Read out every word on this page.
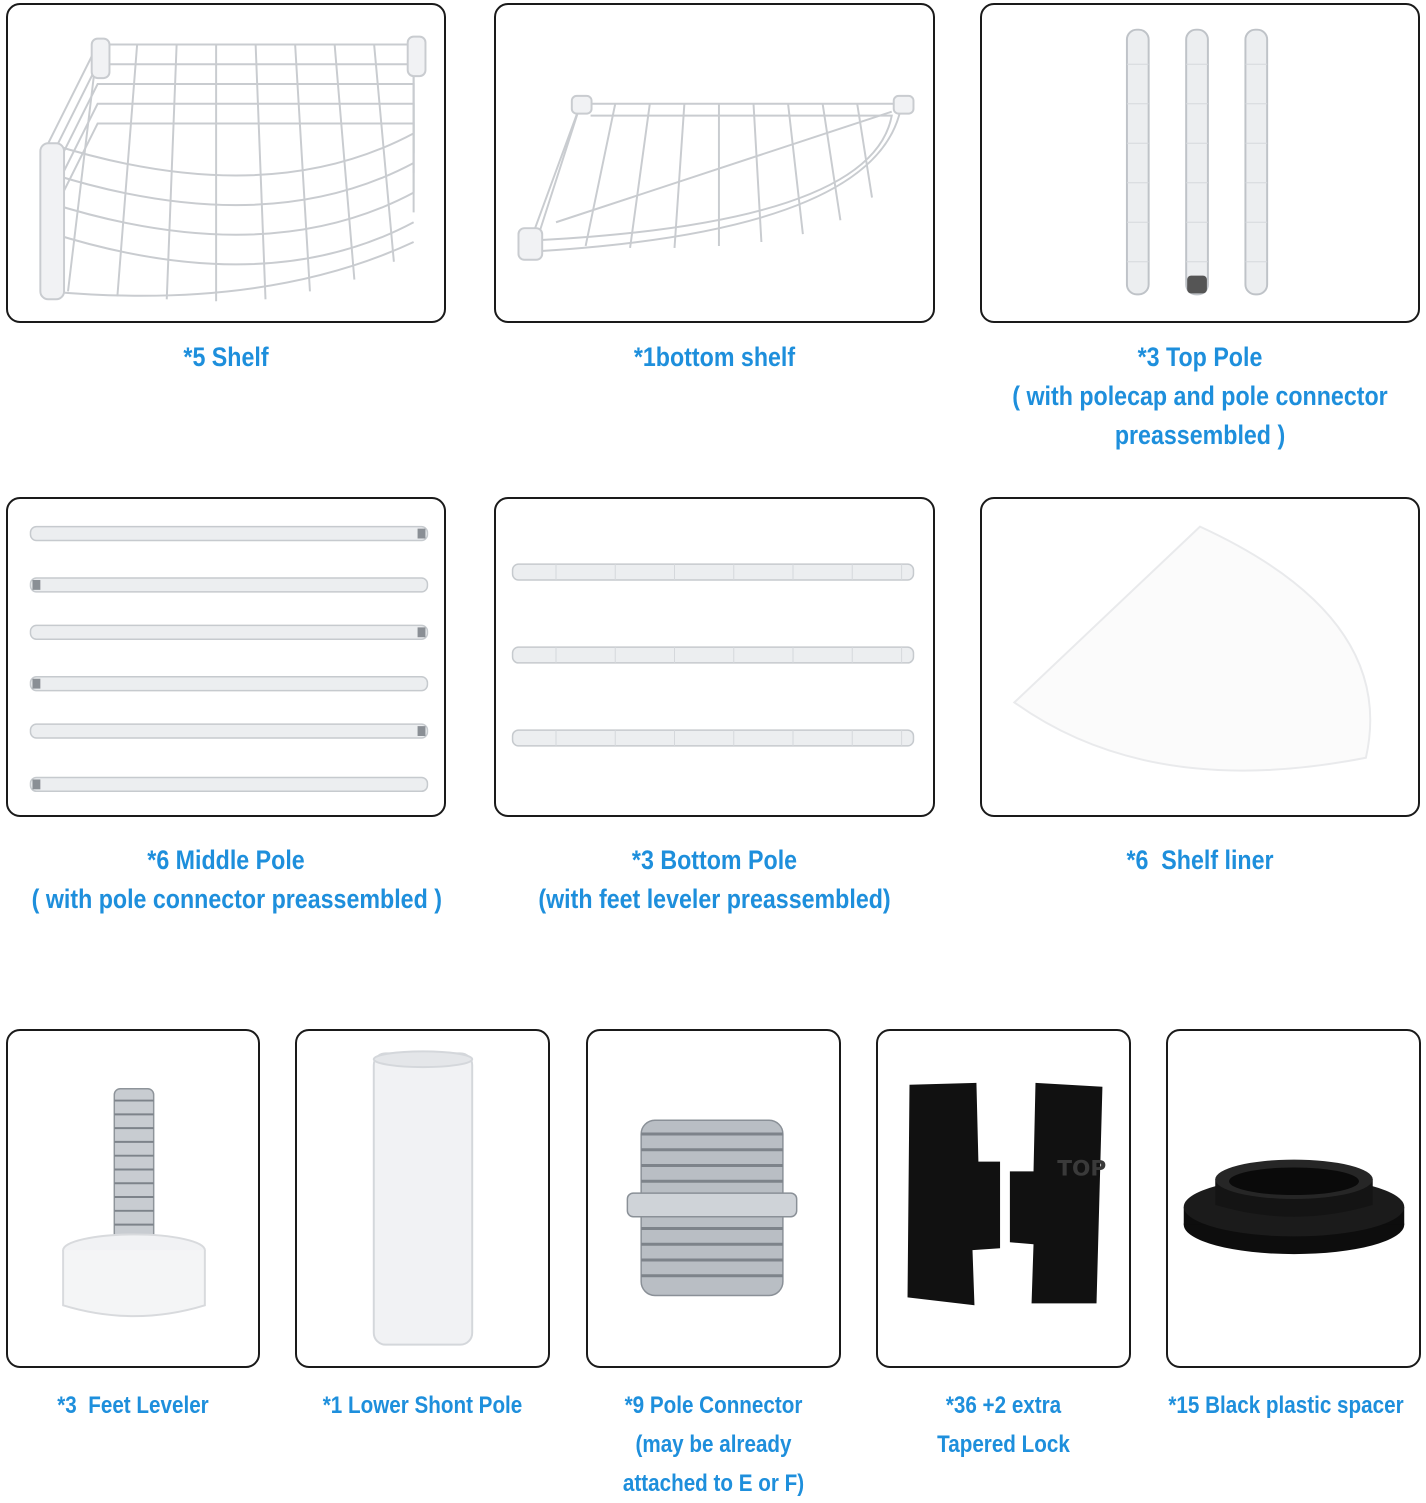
*5 Shelf	*1bottom shelf	*3 Top Pole
( with polecap and pole connector
preassembled )
*6 Middle Pole
( with pole connector preassembled )
*3 Bottom Pole
(with feet leveler preassembled)
*6  Shelf liner
TOP
*3  Feet Leveler	*1 Lower Shont Pole	*9 Pole Connector
(may be already
attached to E or F)
*36 +2 extra
Tapered Lock
*15 Black plastic spacer
